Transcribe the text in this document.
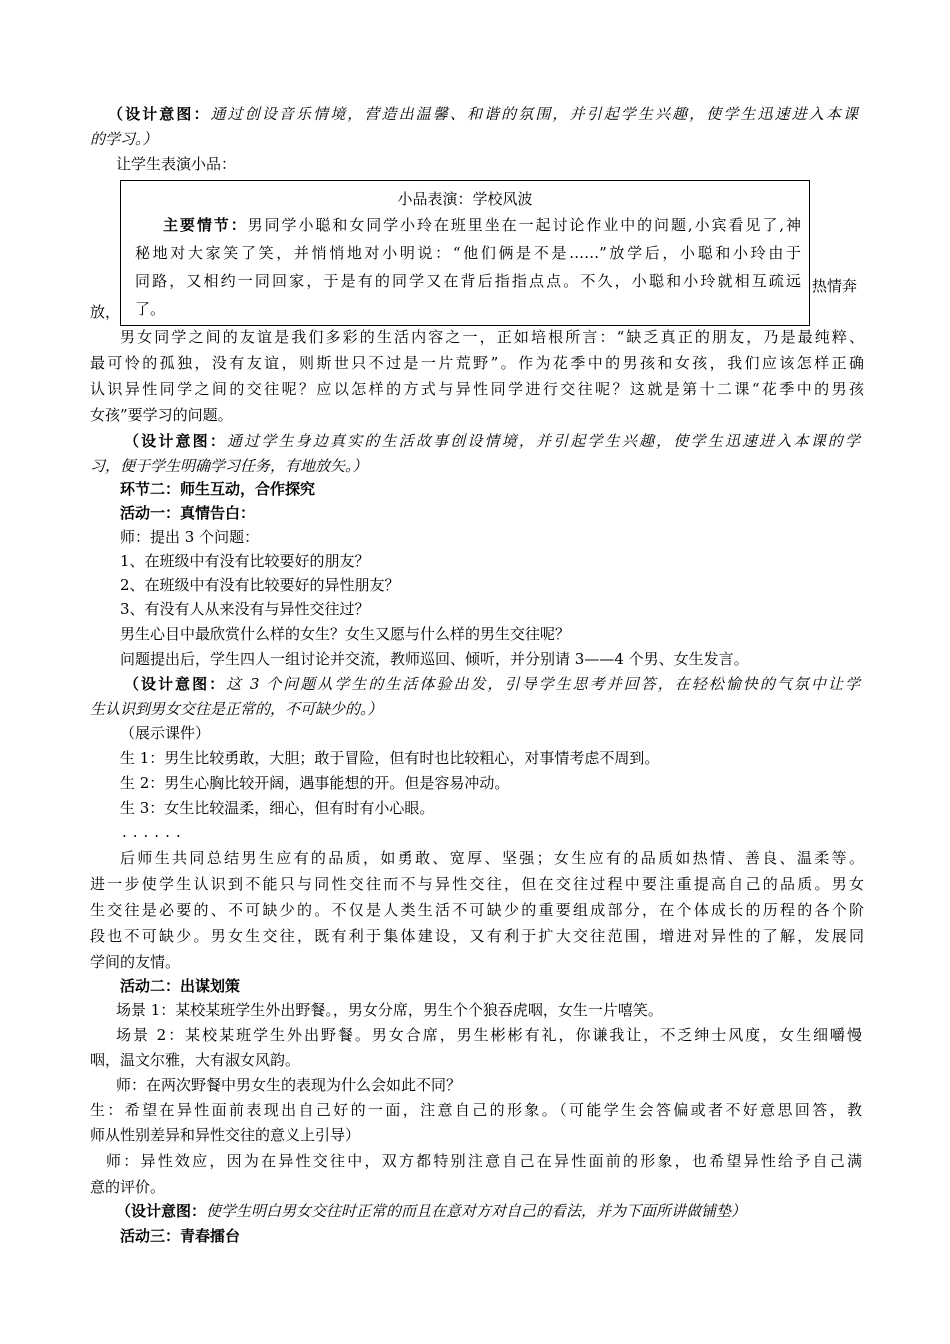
（设计意图：通过创设音乐情境，营造出温馨、和谐的氛围，并引起学生兴趣，使学生迅速进入本课
的学习。）
让学生表演小品：
热情奔
放，
小品表演：学校风波
主要情节：男同学小聪和女同学小玲在班里坐在一起讨论作业中的问题,小宾看见了,神
秘地对大家笑了笑，并悄悄地对小明说：“他们俩是不是……”放学后，小聪和小玲由于
同路，又相约一同回家，于是有的同学又在背后指指点点。不久，小聪和小玲就相互疏远
了。
男女同学之间的友谊是我们多彩的生活内容之一，正如培根所言：“缺乏真正的朋友，乃是最纯粹、
最可怜的孤独，没有友谊，则斯世只不过是一片荒野”。作为花季中的男孩和女孩，我们应该怎样正确
认识异性同学之间的交往呢？应以怎样的方式与异性同学进行交往呢？这就是第十二课“花季中的男孩
女孩”要学习的问题。
（设计意图：通过学生身边真实的生活故事创设情境，并引起学生兴趣，使学生迅速进入本课的学
习，便于学生明确学习任务，有地放矢。）
环节二：师生互动，合作探究
活动一：真情告白：
师：提出 3 个问题：
1、在班级中有没有比较要好的朋友？
2、在班级中有没有比较要好的异性朋友？
3、有没有人从来没有与异性交往过？
男生心目中最欣赏什么样的女生？女生又愿与什么样的男生交往呢？
问题提出后，学生四人一组讨论并交流，教师巡回、倾听，并分别请 3——4 个男、女生发言。
（设计意图：这 3 个问题从学生的生活体验出发，引导学生思考并回答，在轻松愉快的气氛中让学
生认识到男女交往是正常的，不可缺少的。）
（展示课件）
生 1：男生比较勇敢，大胆；敢于冒险，但有时也比较粗心，对事情考虑不周到。
生 2：男生心胸比较开阔，遇事能想的开。但是容易冲动。
生 3：女生比较温柔，细心，但有时有小心眼。
......
后师生共同总结男生应有的品质，如勇敢、宽厚、坚强；女生应有的品质如热情、善良、温柔等。
进一步使学生认识到不能只与同性交往而不与异性交往，但在交往过程中要注重提高自己的品质。男女
生交往是必要的、不可缺少的。不仅是人类生活不可缺少的重要组成部分，在个体成长的历程的各个阶
段也不可缺少。男女生交往，既有利于集体建设，又有利于扩大交往范围，增进对异性的了解，发展同
学间的友情。
活动二：出谋划策
场景 1：某校某班学生外出野餐。，男女分席，男生个个狼吞虎咽，女生一片嘻笑。
场景 2：某校某班学生外出野餐。男女合席，男生彬彬有礼，你谦我让，不乏绅士风度，女生细嚼慢
咽，温文尔雅，大有淑女风韵。
师：在两次野餐中男女生的表现为什么会如此不同？
生：希望在异性面前表现出自己好的一面，注意自己的形象。（可能学生会答偏或者不好意思回答，教
师从性别差异和异性交往的意义上引导）
师：异性效应，因为在异性交往中，双方都特别注意自己在异性面前的形象，也希望异性给予自己满
意的评价。
（设计意图：使学生明白男女交往时正常的而且在意对方对自己的看法，并为下面所讲做铺垫）
活动三：青春擂台
